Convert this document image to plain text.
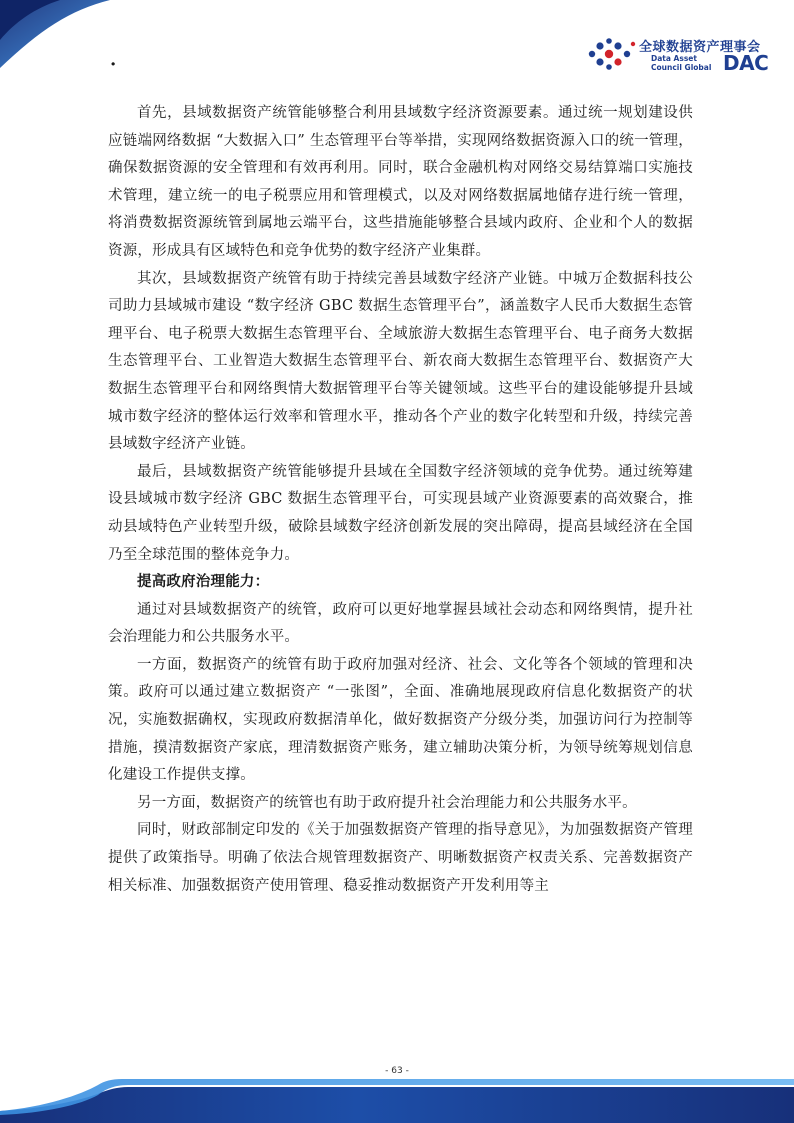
·
全球数据资产理事会
Data Asset
Council Global DAC

首先，县域数据资产统管能够整合利用县域数字经济资源要素。通过统一规划建设供应链端网络数据 “大数据入口” 生态管理平台等举措，实现网络数据资源入口的统一管理，确保数据资源的安全管理和有效再利用。同时，联合金融机构对网络交易结算端口实施技术管理，建立统一的电子税票应用和管理模式，以及对网络数据属地储存进行统一管理，将消费数据资源统管到属地云端平台，这些措施能够整合县域内政府、企业和个人的数据资源，形成具有区域特色和竞争优势的数字经济产业集群。

其次，县域数据资产统管有助于持续完善县域数字经济产业链。中城万企数据科技公司助力县域城市建设 “数字经济 GBC 数据生态管理平台”，涵盖数字人民币大数据生态管理平台、电子税票大数据生态管理平台、全域旅游大数据生态管理平台、电子商务大数据生态管理平台、工业智造大数据生态管理平台、新农商大数据生态管理平台、数据资产大数据生态管理平台和网络舆情大数据管理平台等关键领域。这些平台的建设能够提升县域城市数字经济的整体运行效率和管理水平，推动各个产业的数字化转型和升级，持续完善县域数字经济产业链。

最后，县域数据资产统管能够提升县域在全国数字经济领域的竞争优势。通过统筹建设县域城市数字经济 GBC 数据生态管理平台，可实现县域产业资源要素的高效聚合，推动县域特色产业转型升级，破除县域数字经济创新发展的突出障碍，提高县域经济在全国乃至全球范围的整体竞争力。

提高政府治理能力：

通过对县域数据资产的统管，政府可以更好地掌握县域社会动态和网络舆情，提升社会治理能力和公共服务水平。

一方面，数据资产的统管有助于政府加强对经济、社会、文化等各个领域的管理和决策。政府可以通过建立数据资产 “一张图”，全面、准确地展现政府信息化数据资产的状况，实施数据确权，实现政府数据清单化，做好数据资产分级分类，加强访问行为控制等措施，摸清数据资产家底，理清数据资产账务，建立辅助决策分析，为领导统筹规划信息化建设工作提供支撑。

另一方面，数据资产的统管也有助于政府提升社会治理能力和公共服务水平。

同时，财政部制定印发的《关于加强数据资产管理的指导意见》，为加强数据资产管理提供了政策指导。明确了依法合规管理数据资产、明晰数据资产权责关系、完善数据资产相关标准、加强数据资产使用管理、稳妥推动数据资产开发利用等主

- 63 -
